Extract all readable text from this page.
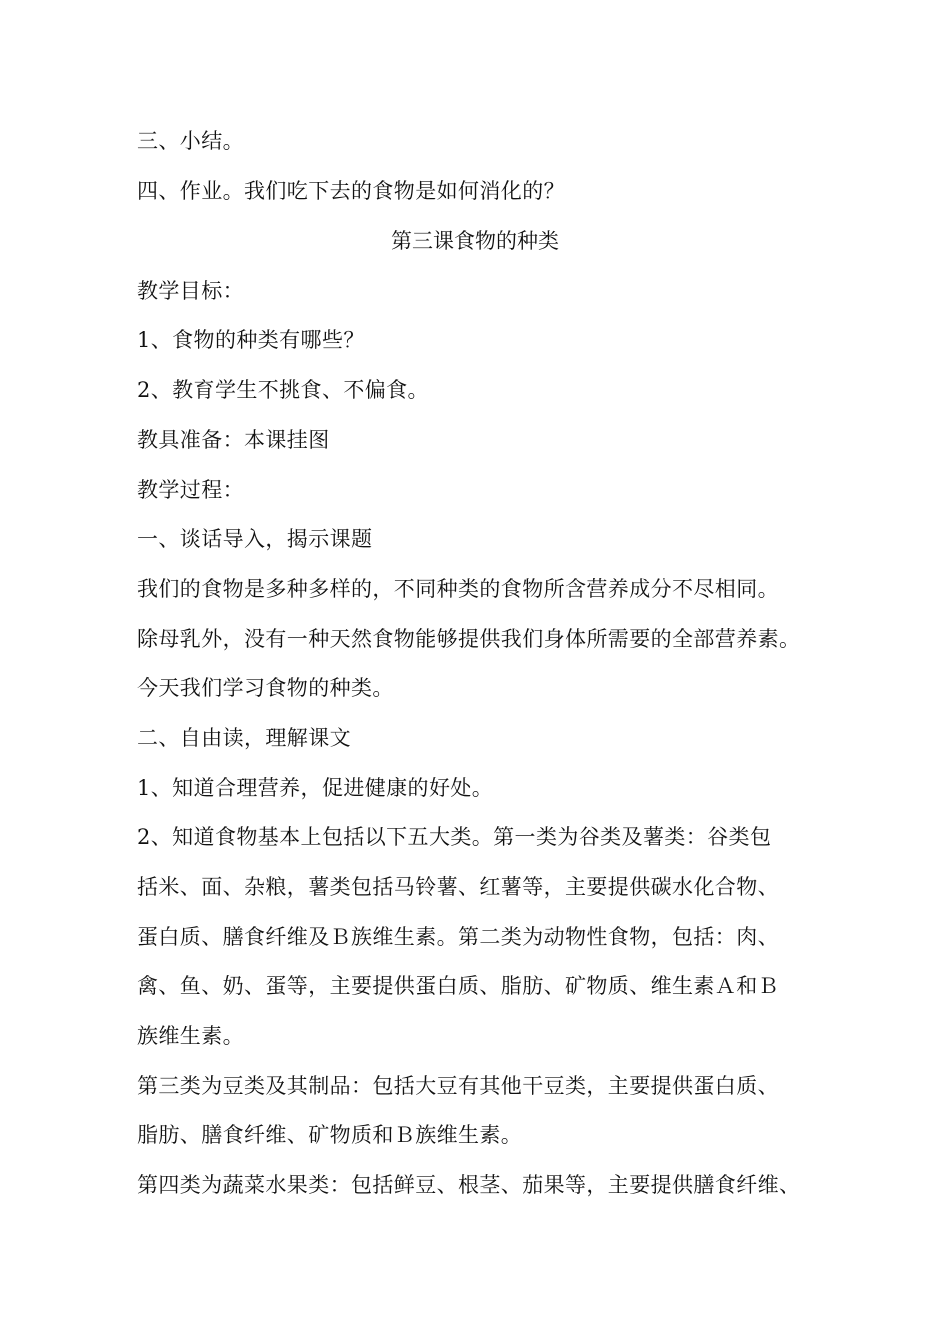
三、小结。
四、作业。我们吃下去的食物是如何消化的？
第三课食物的种类
教学目标：
1、食物的种类有哪些？
2、教育学生不挑食、不偏食。
教具准备：本课挂图
教学过程：
一、谈话导入，揭示课题
我们的食物是多种多样的，不同种类的食物所含营养成分不尽相同。
除母乳外，没有一种天然食物能够提供我们身体所需要的全部营养素。
今天我们学习食物的种类。
二、自由读，理解课文
1、知道合理营养，促进健康的好处。
2、知道食物基本上包括以下五大类。第一类为谷类及薯类：谷类包
括米、面、杂粮，薯类包括马铃薯、红薯等，主要提供碳水化合物、
蛋白质、膳食纤维及Ｂ族维生素。第二类为动物性食物，包括：肉、
禽、鱼、奶、蛋等，主要提供蛋白质、脂肪、矿物质、维生素Ａ和Ｂ
族维生素。
第三类为豆类及其制品：包括大豆有其他干豆类，主要提供蛋白质、
脂肪、膳食纤维、矿物质和Ｂ族维生素。
第四类为蔬菜水果类：包括鲜豆、根茎、茄果等，主要提供膳食纤维、
